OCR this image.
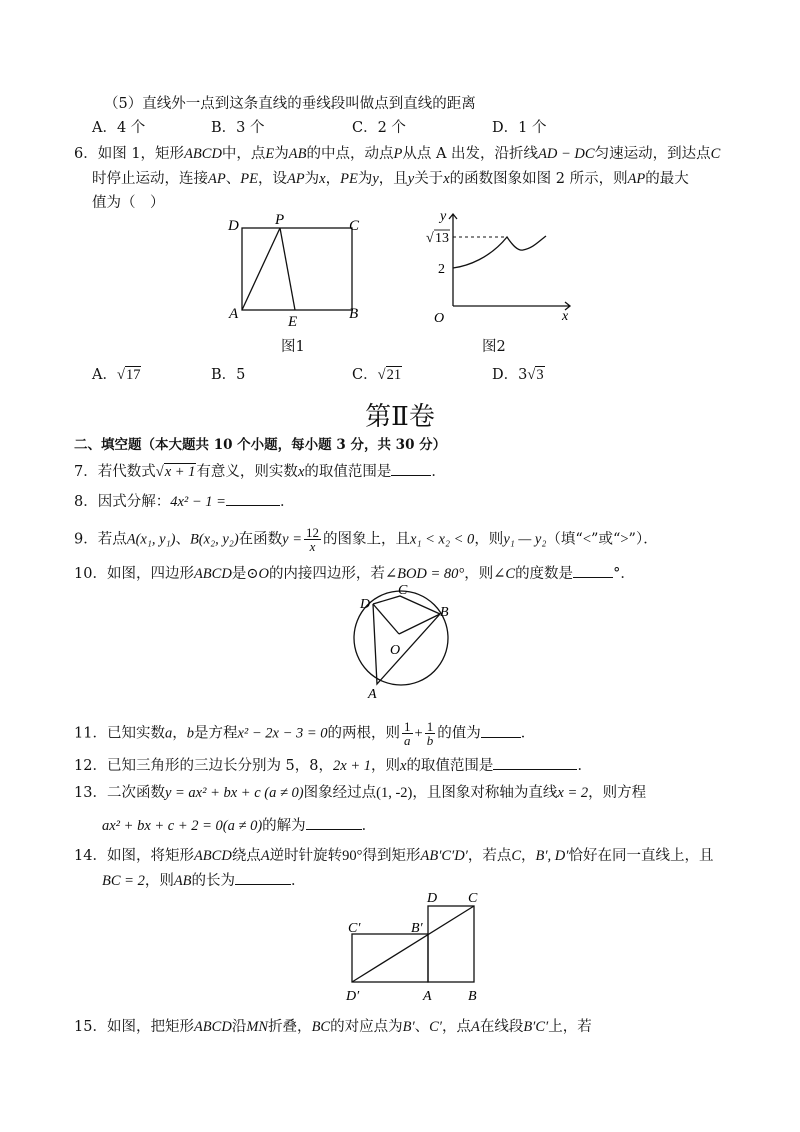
（5）直线外一点到这条直线的垂线段叫做点到直线的距离
A．4 个	B．3 个	C．2 个	D．1 个
6．如图 1，矩形ABCD中，点E为AB的中点，动点P从点 A 出发，沿折线AD − DC匀速运动，到达点C
时停止运动，连接AP、PE，设AP为x，PE为y，且y关于x的函数图象如图 2 所示，则AP的最大
值为（　）
D P	C
A	E	B
图1
y
x
O
2
√ 13
图2
A．√17	B．5	C．√21	D．3√3
第Ⅱ卷
二、填空题（本大题共 10 个小题，每小题 3 分，共 30 分）
7．若代数式√x + 1有意义，则实数x的取值范围是	．
8．因式分解：4x² − 1 =	．
9．若点A(x₁, y₁)、B(x₂, y₂)在函数$y = \frac{12}{x}$ 的图象上，且x₁ < x₂ < 0，则y₁ — y₂（填“<”或“>”）．
10．如图，四边形ABCD是⊙O的内接四边形，若∠BOD = 80°，则∠C的度数是	°．
D
C
B
O
A
11．已知实数a，b是方程x² − 2x − 3 = 0的两根，则 $\frac{1}{a} + \frac{1}{b}$ 的值为	．
12．已知三角形的三边长分别为 5，8，2x + 1，则x的取值范围是	．
13．二次函数y = ax² + bx + c (a ≠ 0)图象经过点(1, -2)，且图象对称轴为直线x = 2，则方程
ax² + bx + c + 2 = 0(a ≠ 0)的解为	．
14．如图，将矩形ABCD绕点A逆时针旋转90°得到矩形AB′C′D′，若点C，B′, D′恰好在同一直线上，且
BC = 2，则AB的长为	．
D C
C′	B′
D′	A	B
15．如图，把矩形ABCD沿MN折叠，BC的对应点为B′、C′，点A在线段B′C′上，若
